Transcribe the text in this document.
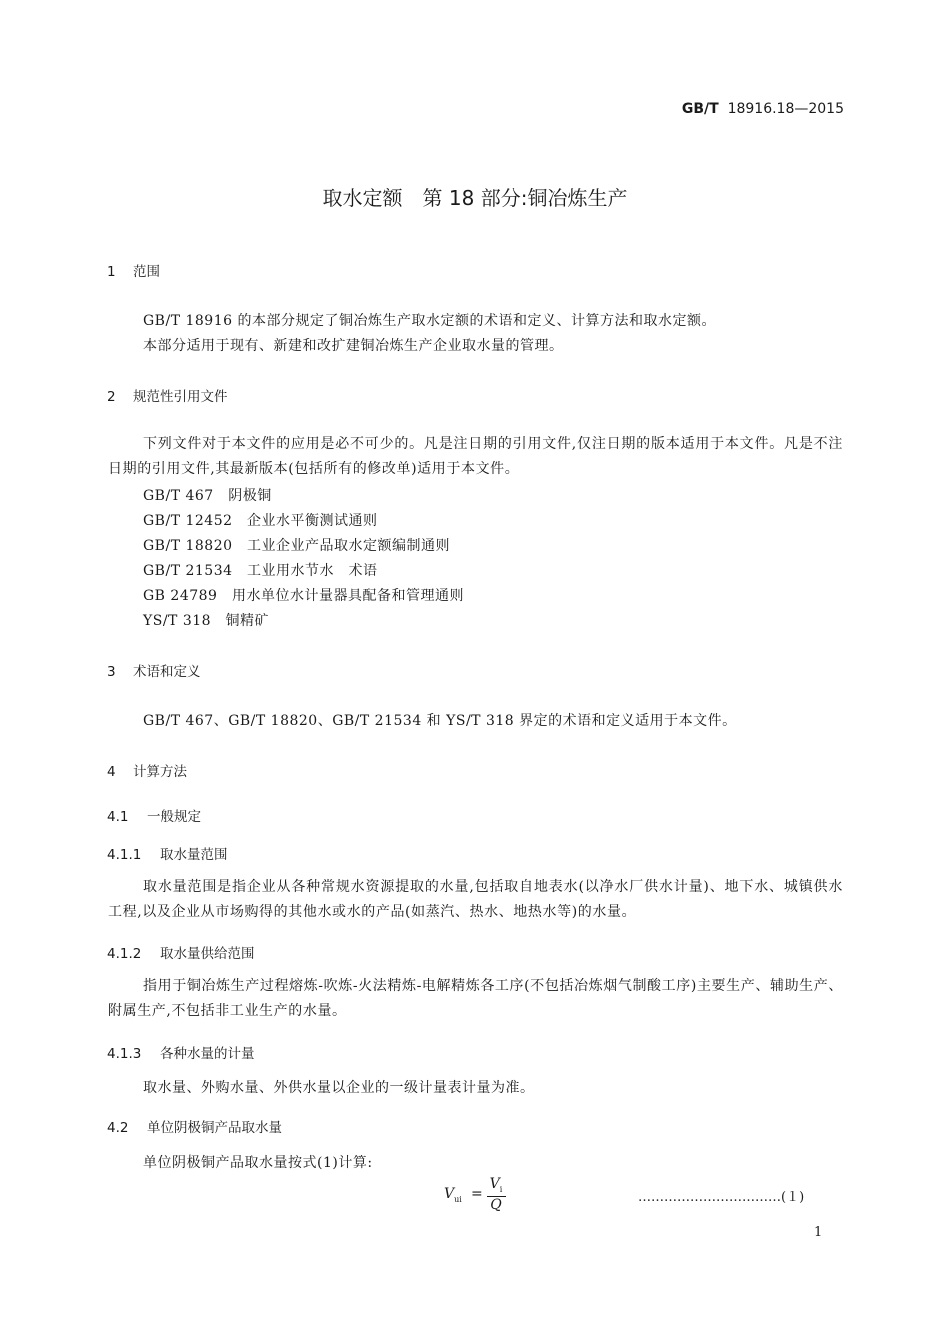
GB/T 18916.18—2015
取水定额　第 18 部分:铜冶炼生产
1 范围
GB/T 18916 的本部分规定了铜冶炼生产取水定额的术语和定义、计算方法和取水定额。
本部分适用于现有、新建和改扩建铜冶炼生产企业取水量的管理。
2 规范性引用文件
下列文件对于本文件的应用是必不可少的。凡是注日期的引用文件,仅注日期的版本适用于本文件。凡是不注日期的引用文件,其最新版本(包括所有的修改单)适用于本文件。
GB/T 467　阴极铜
GB/T 12452　企业水平衡测试通则
GB/T 18820　工业企业产品取水定额编制通则
GB/T 21534　工业用水节水　术语
GB 24789　用水单位水计量器具配备和管理通则
YS/T 318　铜精矿
3 术语和定义
GB/T 467、GB/T 18820、GB/T 21534 和 YS/T 318 界定的术语和定义适用于本文件。
4 计算方法
4.1 一般规定
4.1.1 取水量范围
取水量范围是指企业从各种常规水资源提取的水量,包括取自地表水(以净水厂供水计量)、地下水、城镇供水工程,以及企业从市场购得的其他水或水的产品(如蒸汽、热水、地热水等)的水量。
4.1.2 取水量供给范围
指用于铜冶炼生产过程熔炼-吹炼-火法精炼-电解精炼各工序(不包括冶炼烟气制酸工序)主要生产、辅助生产、附属生产,不包括非工业生产的水量。
4.1.3 各种水量的计量
取水量、外购水量、外供水量以企业的一级计量表计量为准。
4.2 单位阴极铜产品取水量
单位阴极铜产品取水量按式(1)计算:
$V_{ui}$ =
$V_i$
Q	……………………………(１)
1
